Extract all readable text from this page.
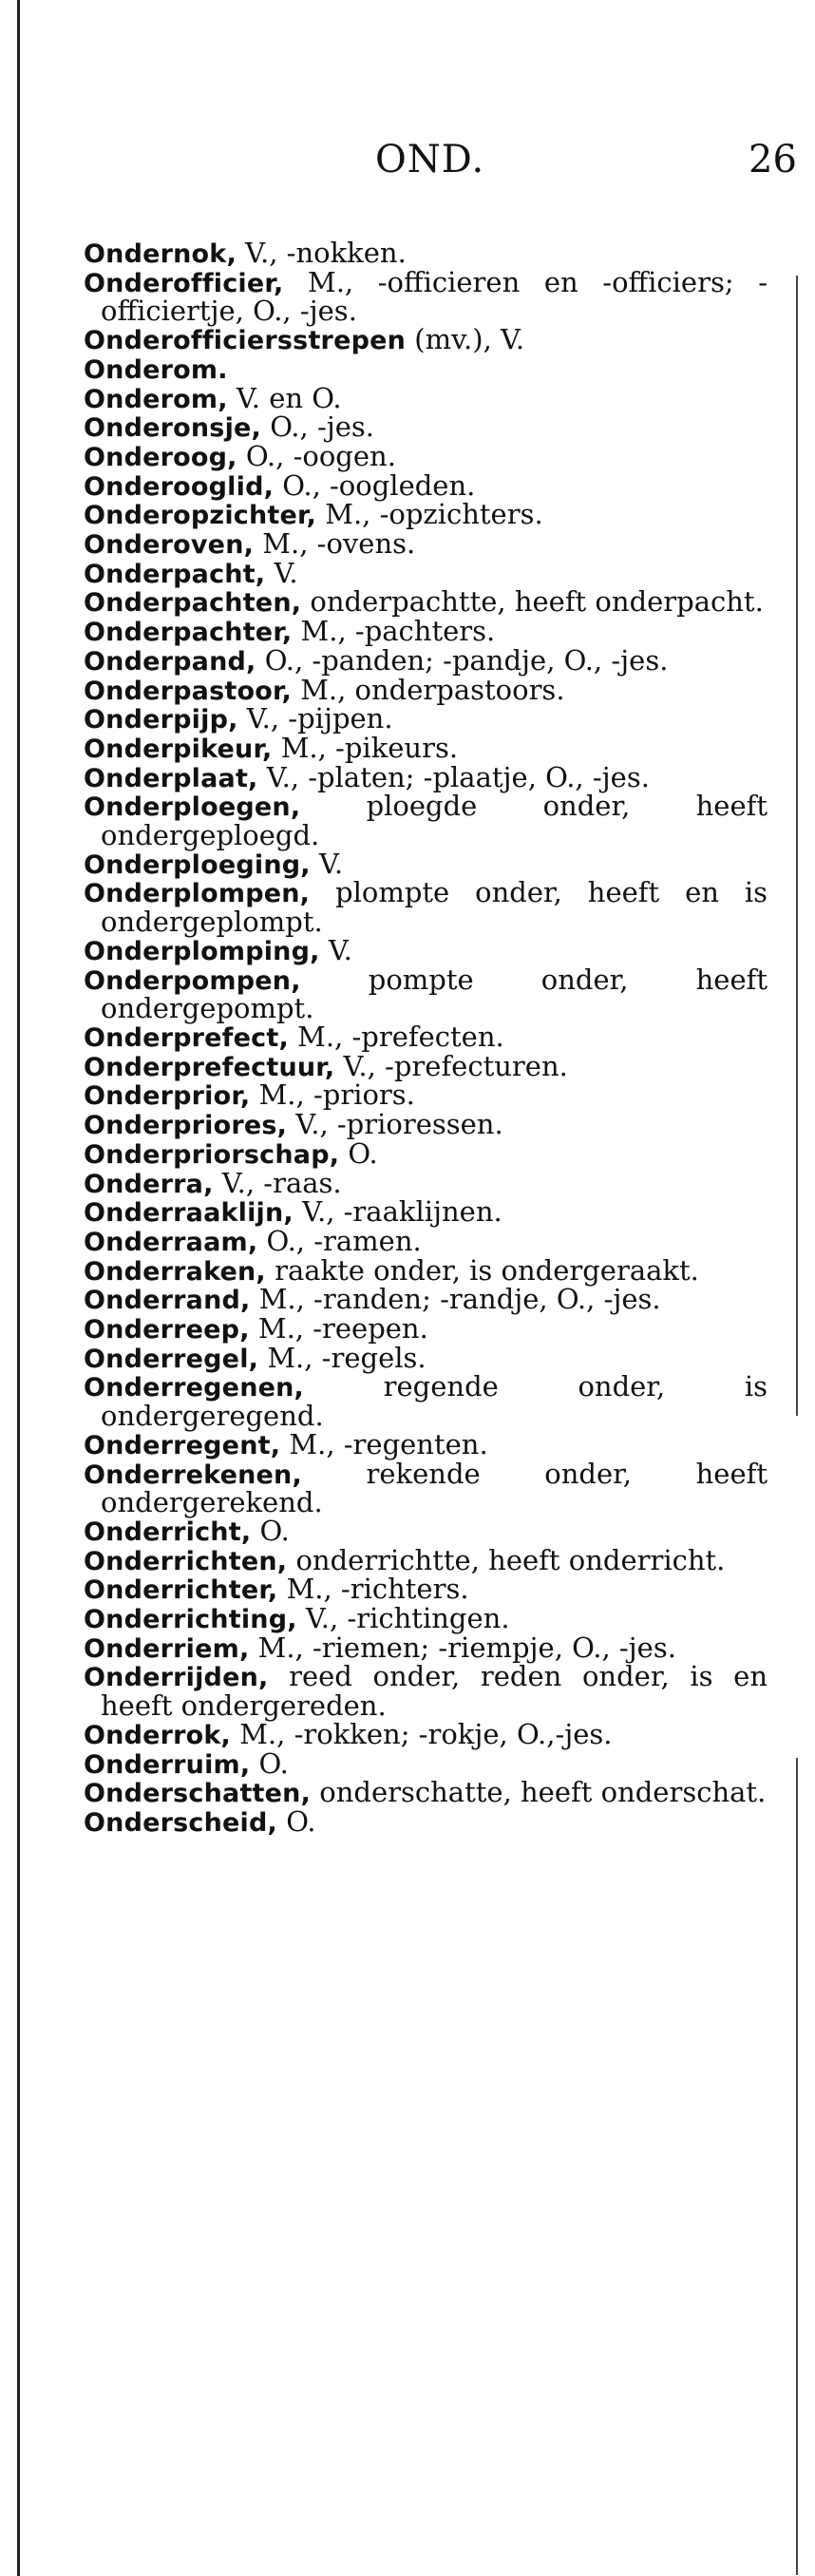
OND.	26
Ondernok, V., -nokken.
Onderofficier, M., -officieren en -officiers; -officiertje, O., -jes.
Onderofficiersstrepen (mv.), V.
Onderom.
Onderom, V. en O.
Onderonsje, O., -jes.
Onderoog, O., -oogen.
Onderooglid, O., -oogleden.
Onderopzichter, M., -opzichters.
Onderoven, M., -ovens.
Onderpacht, V.
Onderpachten, onderpachtte, heeft onderpacht.
Onderpachter, M., -pachters.
Onderpand, O., -panden; -pandje, O., -jes.
Onderpastoor, M., onderpastoors.
Onderpijp, V., -pijpen.
Onderpikeur, M., -pikeurs.
Onderplaat, V., -platen; -plaatje, O., -jes.
Onderploegen, ploegde onder, heeft ondergeploegd.
Onderploeging, V.
Onderplompen, plompte onder, heeft en is ondergeplompt.
Onderplomping, V.
Onderpompen, pompte onder, heeft ondergepompt.
Onderprefect, M., -prefecten.
Onderprefectuur, V., -prefecturen.
Onderprior, M., -priors.
Onderpriores, V., -prioressen.
Onderpriorschap, O.
Onderra, V., -raas.
Onderraaklijn, V., -raaklijnen.
Onderraam, O., -ramen.
Onderraken, raakte onder, is ondergeraakt.
Onderrand, M., -randen; -randje, O., -jes.
Onderreep, M., -reepen.
Onderregel, M., -regels.
Onderregenen,	regende onder, is ondergeregend.
Onderregent, M., -regenten.
Onderrekenen, rekende onder, heeft ondergerekend.
Onderricht, O.
Onderrichten, onderrichtte, heeft onderricht.
Onderrichter, M., -richters.
Onderrichting, V., -richtingen.
Onderriem, M., -riemen; -riempje, O., -jes.
Onderrijden, reed onder, reden onder, is en heeft ondergereden.
Onderrok, M., -rokken; -rokje, O.,-jes.
Onderruim, O.
Onderschatten, onderschatte, heeft onderschat.
Onderscheid, O.
